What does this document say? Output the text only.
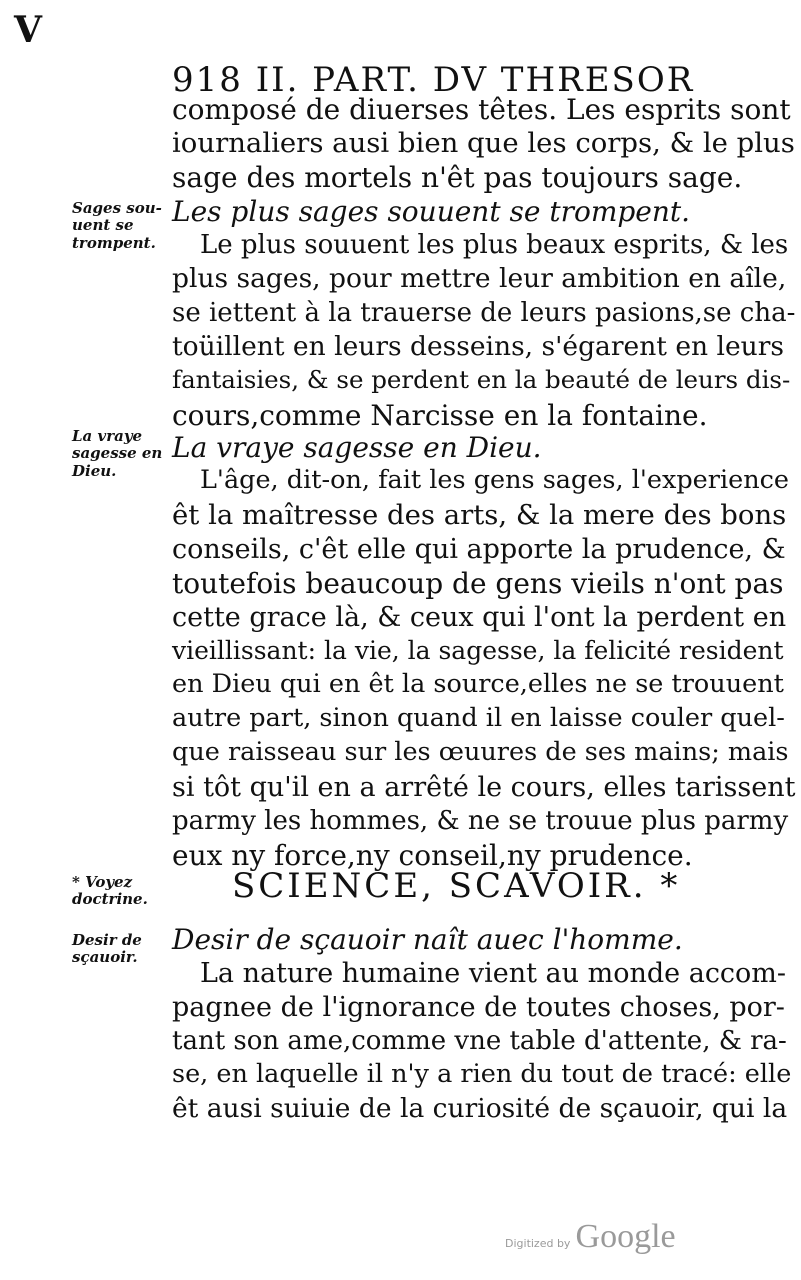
V
918 II. PART. DV THRESOR
Sages sou-uent se trompent.
La vraye sagesse en Dieu.
* Voyez doctrine.
Desir de sçauoir.
composé de diuerses têtes. Les esprits sont
iournaliers ausi bien que les corps, & le plus
sage des mortels n'êt pas toujours sage.
Les plus sages souuent se trompent.
Le plus souuent les plus beaux esprits, & les
plus sages, pour mettre leur ambition en aîle,
se iettent à la trauerse de leurs pasions,se cha-
toüillent en leurs desseins, s'égarent en leurs
fantaisies, & se perdent en la beauté de leurs dis-
cours,comme Narcisse en la fontaine.
La vraye sagesse en Dieu.
L'âge, dit-on, fait les gens sages, l'experience
êt la maîtresse des arts, & la mere des bons
conseils, c'êt elle qui apporte la prudence, &
toutefois beaucoup de gens vieils n'ont pas
cette grace là, & ceux qui l'ont la perdent en
vieillissant: la vie, la sagesse, la felicité resident
en Dieu qui en êt la source,elles ne se trouuent
autre part, sinon quand il en laisse couler quel-
que raisseau sur les œuures de ses mains; mais
si tôt qu'il en a arrêté le cours, elles tarissent
parmy les hommes, & ne se trouue plus parmy
eux ny force,ny conseil,ny prudence.
SCIENCE, SCAVOIR. *
Desir de sçauoir naît auec l'homme.
La nature humaine vient au monde accom-
pagnee de l'ignorance de toutes choses, por-
tant son ame,comme vne table d'attente, & ra-
se, en laquelle il n'y a rien du tout de tracé: elle
êt ausi suiuie de la curiosité de sçauoir, qui la
Digitized by Google
